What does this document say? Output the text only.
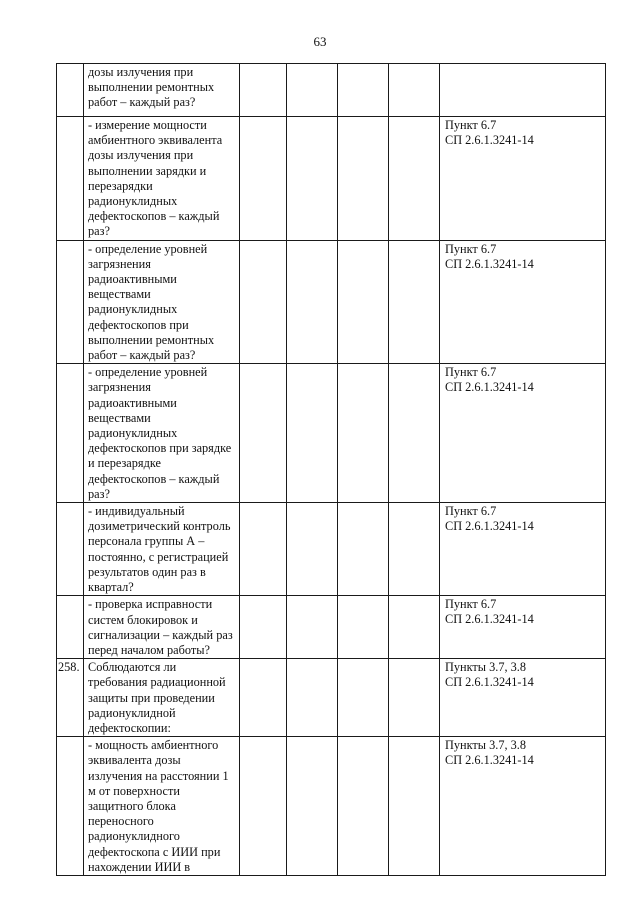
63
	дозы излучения при выполнении ремонтных работ – каждый раз?					
	- измерение мощности амбиентного эквивалента дозы излучения при выполнении зарядки и перезарядки радионуклидных дефектоскопов – каждый раз?					Пункт 6.7
СП 2.6.1.3241-14
	- определение уровней загрязнения радиоактивными веществами радионуклидных дефектоскопов при выполнении ремонтных работ – каждый раз?					Пункт 6.7
СП 2.6.1.3241-14
	- определение уровней загрязнения радиоактивными веществами радионуклидных дефектоскопов при зарядке и перезарядке дефектоскопов – каждый раз?					Пункт 6.7
СП 2.6.1.3241-14
	- индивидуальный дозиметрический контроль персонала группы А – постоянно, с регистрацией результатов один раз в квартал?					Пункт 6.7
СП 2.6.1.3241-14
	- проверка исправности систем блокировок и сигнализации – каждый раз перед началом работы?					Пункт 6.7
СП 2.6.1.3241-14
258.	Соблюдаются ли требования радиационной защиты при проведении радионуклидной дефектоскопии:					Пункты 3.7, 3.8
СП 2.6.1.3241-14
	- мощность амбиентного эквивалента дозы излучения на расстоянии 1 м от поверхности защитного блока переносного радионуклидного дефектоскопа с ИИИ при нахождении ИИИ в					Пункты 3.7, 3.8
СП 2.6.1.3241-14
